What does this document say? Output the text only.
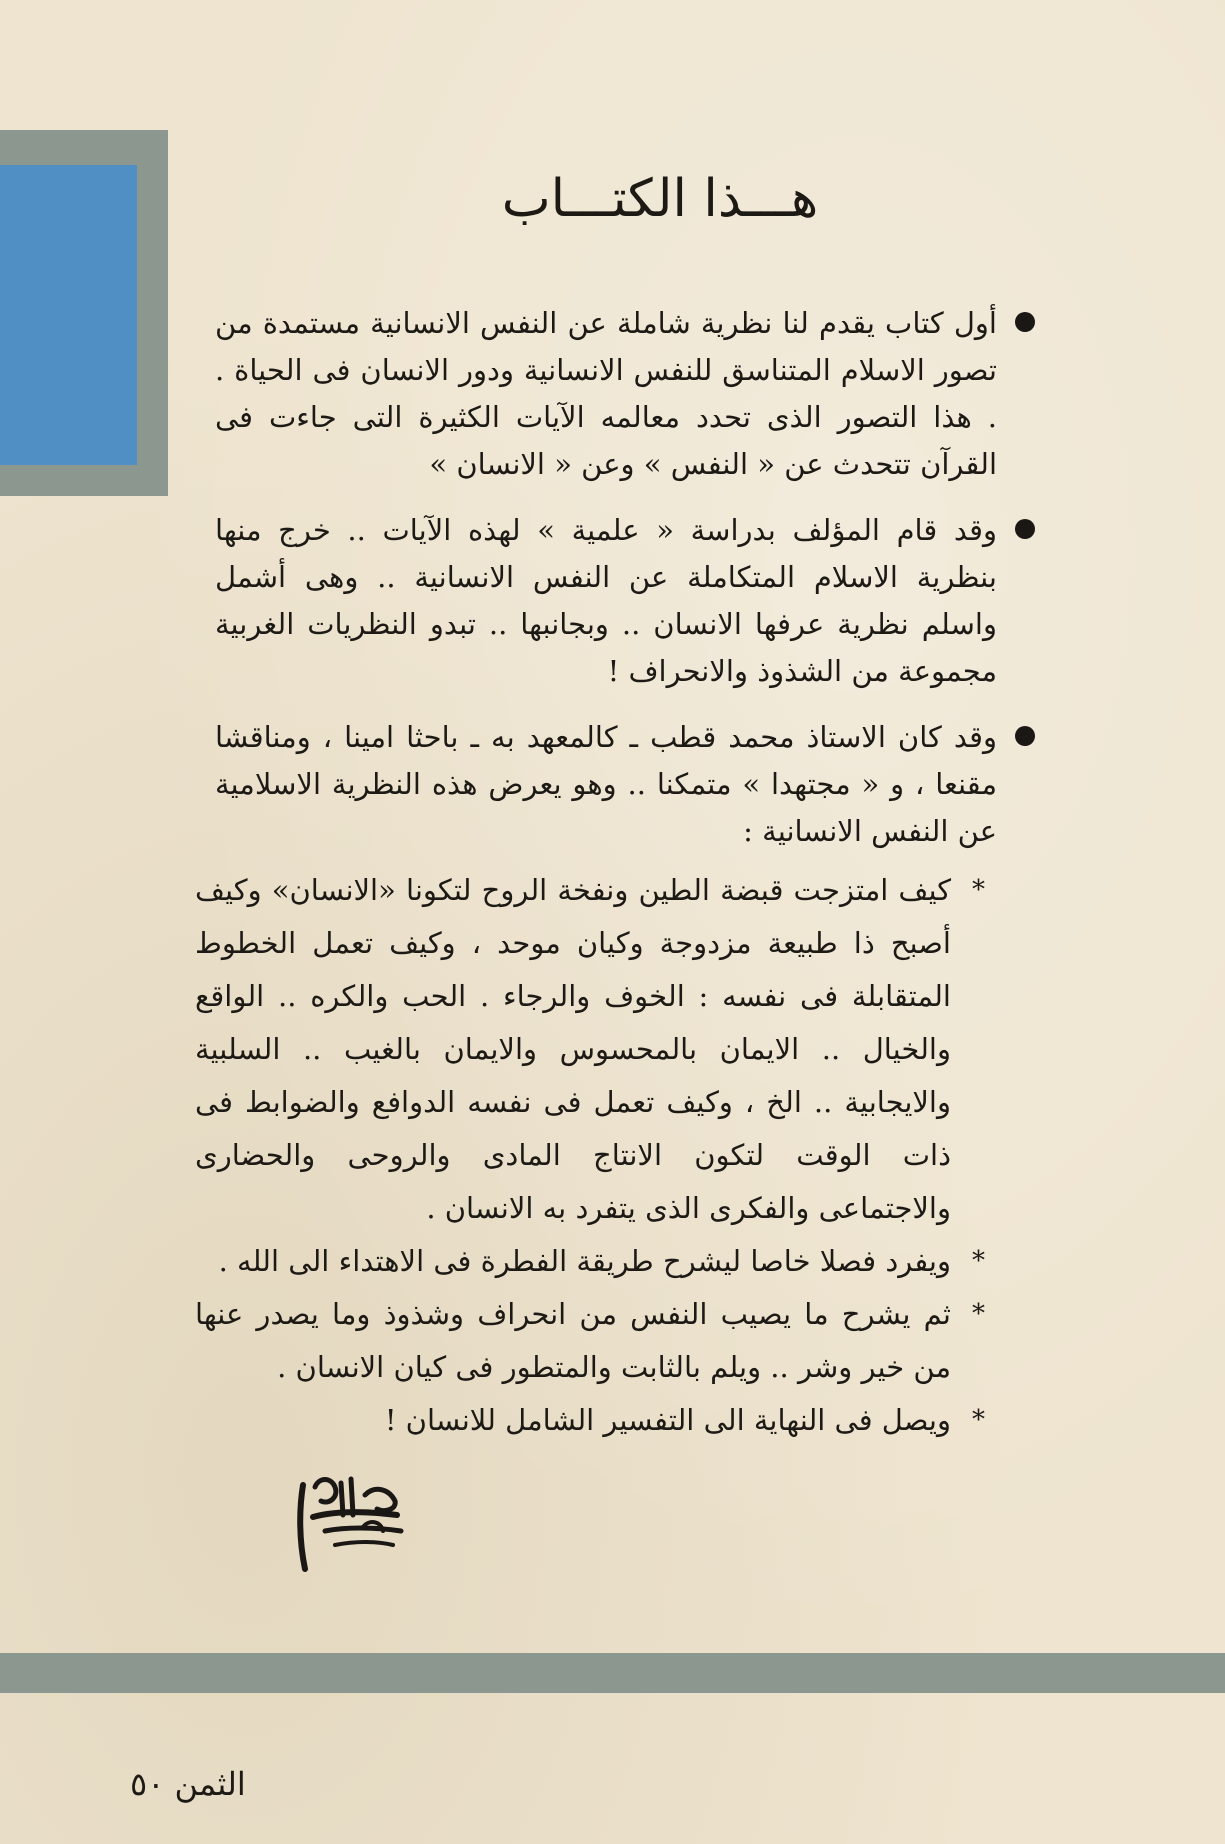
هـــذا الكتـــاب
أول كتاب يقدم لنا نظرية شاملة عن النفس الانسانية مستمدة من تصور الاسلام المتناسق للنفس الانسانية ودور الانسان فى الحياة . . هذا التصور الذى تحدد معالمه الآيات الكثيرة التى جاءت فى القرآن تتحدث عن « النفس » وعن « الانسان »
وقد قام المؤلف بدراسة « علمية » لهذه الآيات .. خرج منها بنظرية الاسلام المتكاملة عن النفس الانسانية .. وهى أشمل واسلم نظرية عرفها الانسان .. وبجانبها .. تبدو النظريات الغربية مجموعة من الشذوذ والانحراف !
وقد كان الاستاذ محمد قطب ـ كالمعهد به ـ باحثا امينا ، ومناقشا مقنعا ، و « مجتهدا » متمكنا .. وهو يعرض هذه النظرية الاسلامية عن النفس الانسانية :
*
كيف امتزجت قبضة الطين ونفخة الروح لتكونا «الانسان» وكيف أصبح ذا طبيعة مزدوجة وكيان موحد ، وكيف تعمل الخطوط المتقابلة فى نفسه : الخوف والرجاء . الحب والكره .. الواقع والخيال .. الايمان بالمحسوس والايمان بالغيب .. السلبية والايجابية .. الخ ، وكيف تعمل فى نفسه الدوافع والضوابط فى ذات الوقت لتكون الانتاج المادى والروحى والحضارى والاجتماعى والفكرى الذى يتفرد به الانسان .
*
ويفرد فصلا خاصا ليشرح طريقة الفطرة فى الاهتداء الى الله .
*
ثم يشرح ما يصيب النفس من انحراف وشذوذ وما يصدر عنها من خير وشر .. ويلم بالثابت والمتطور فى كيان الانسان .
*
ويصل فى النهاية الى التفسير الشامل للانسان !
الثمن ٥٠
